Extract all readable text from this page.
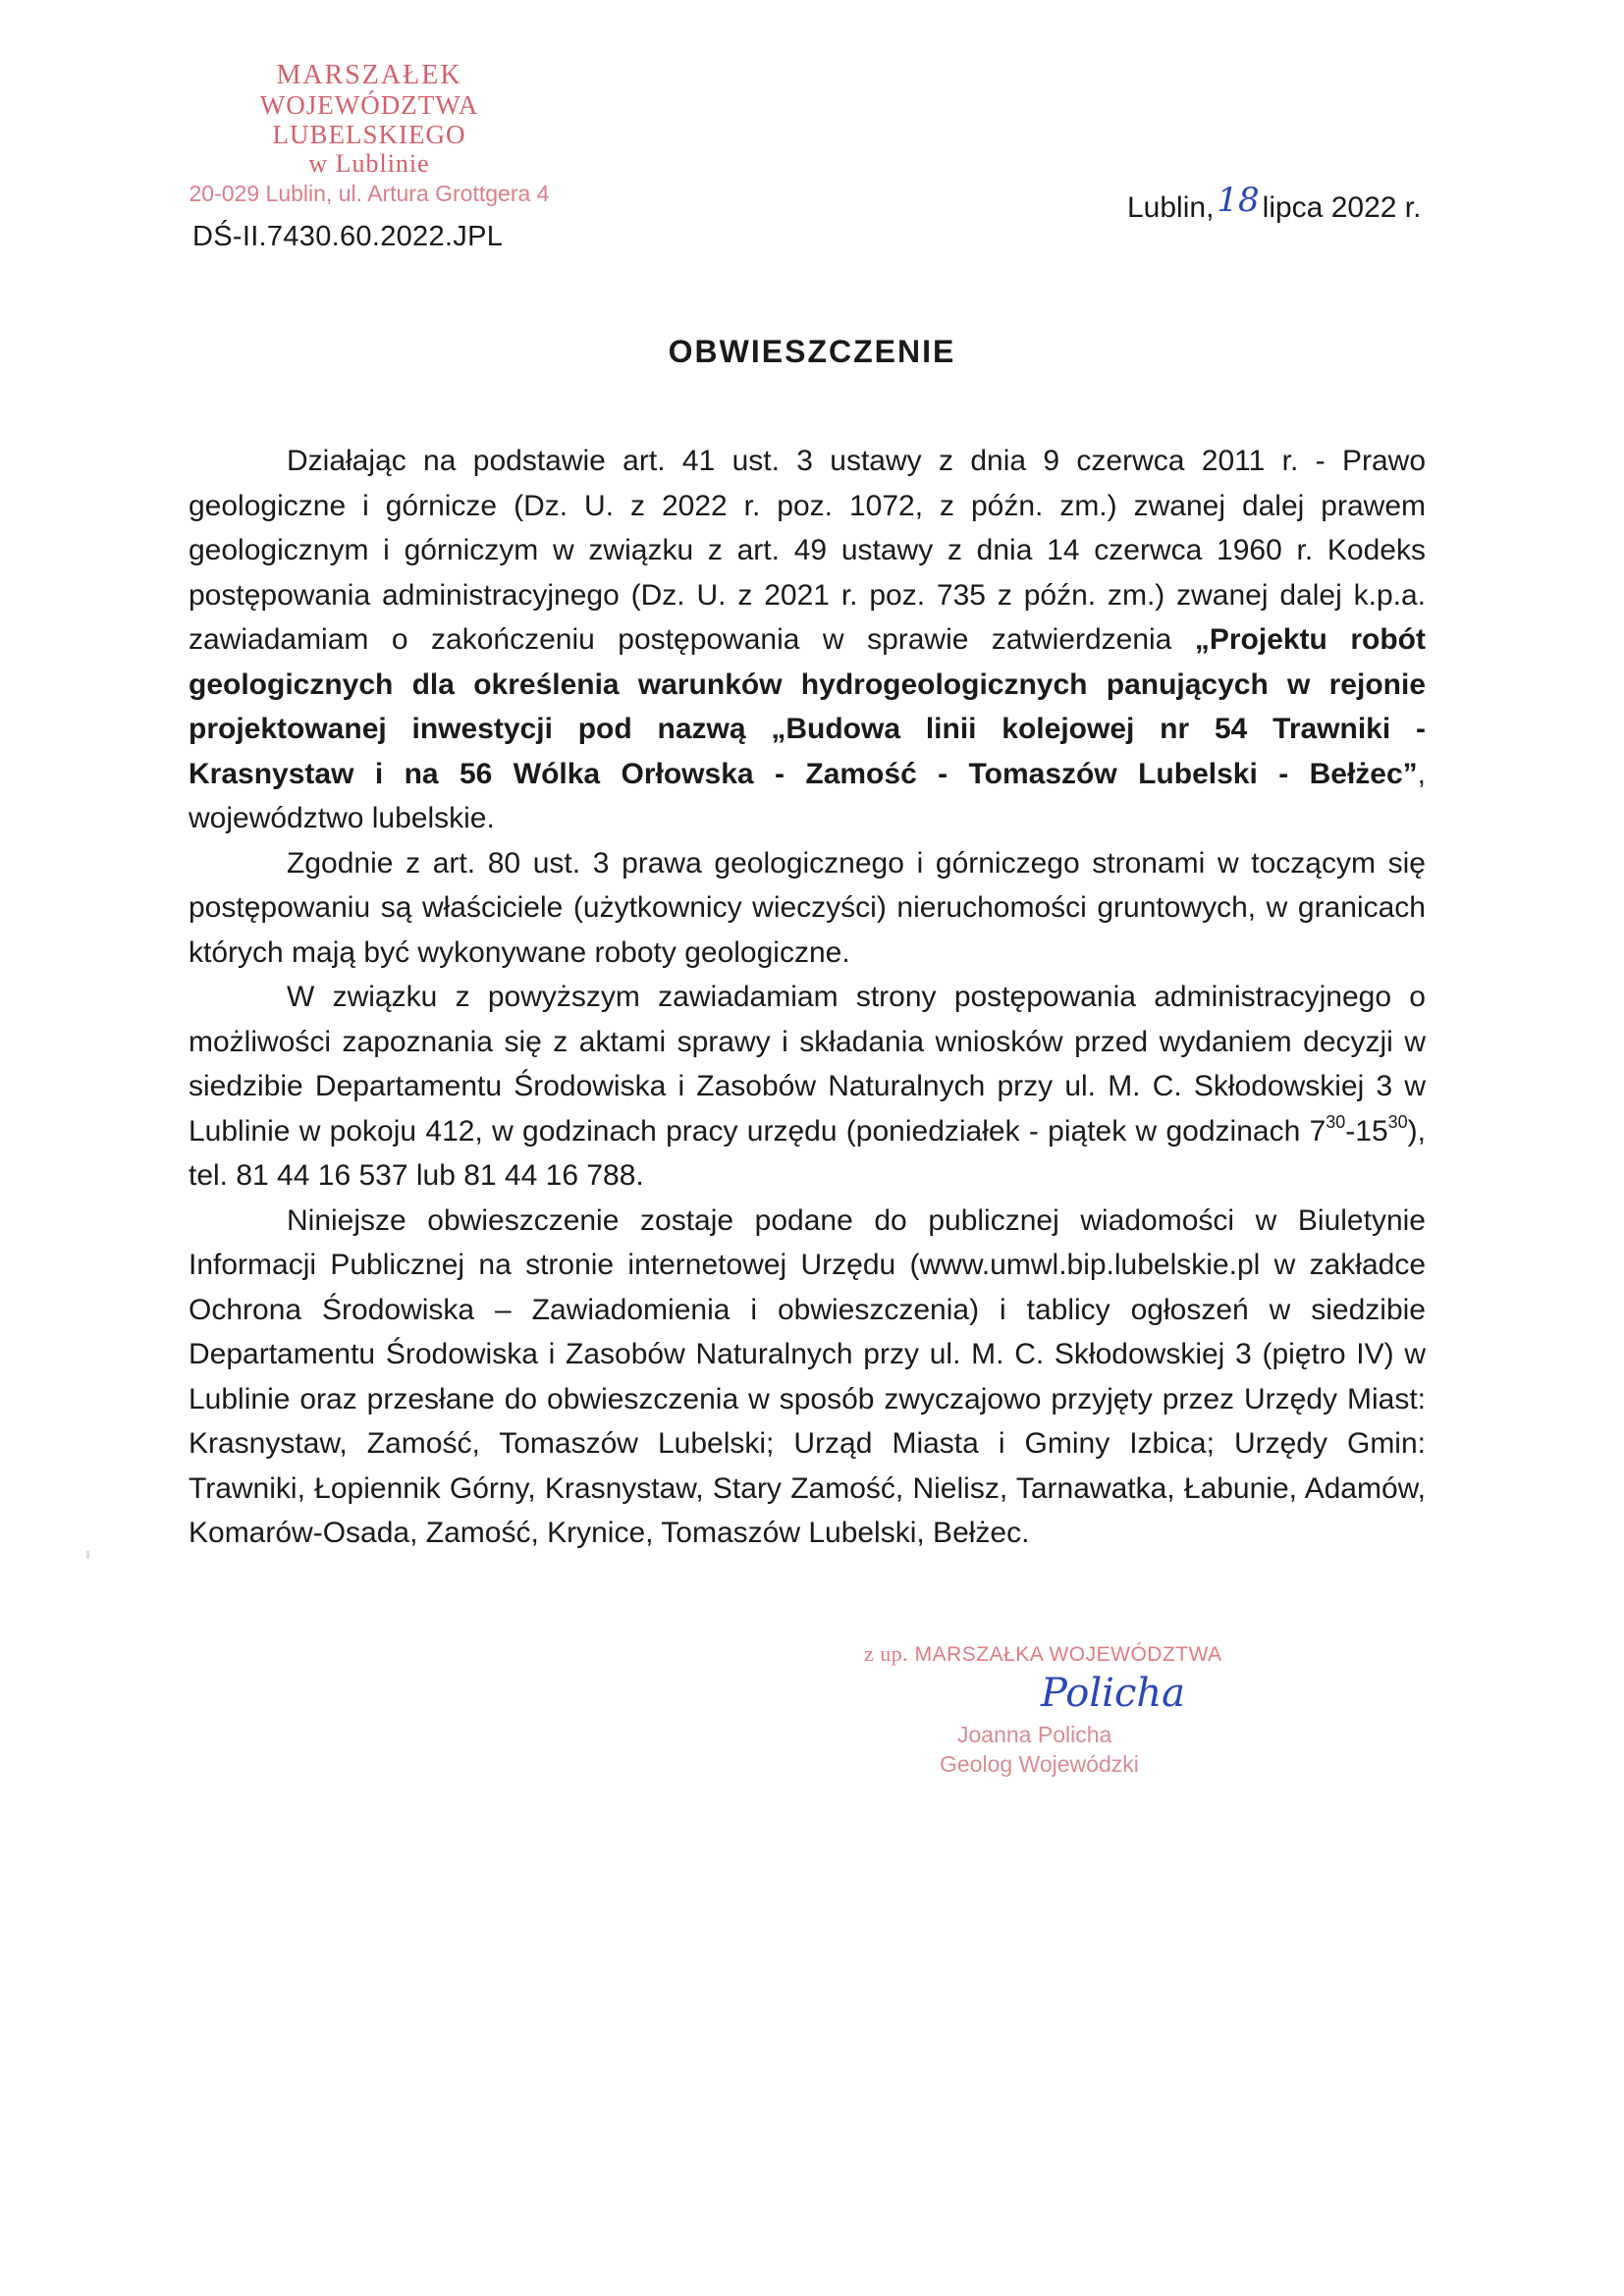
MARSZAŁEK
WOJEWÓDZTWA LUBELSKIEGO
w Lublinie
20-029 Lublin, ul. Artura Grottgera 4
DŚ-II.7430.60.2022.JPL
Lublin,18 lipca 2022 r.
OBWIESZCZENIE

Działając na podstawie art. 41 ust. 3 ustawy z dnia 9 czerwca 2011 r. - Prawo geologiczne i górnicze (Dz. U. z 2022 r. poz. 1072, z późn. zm.) zwanej dalej prawem geologicznym i górniczym w związku z art. 49 ustawy z dnia 14 czerwca 1960 r. Kodeks postępowania administracyjnego (Dz. U. z 2021 r. poz. 735 z późn. zm.) zwanej dalej k.p.a. zawiadamiam o zakończeniu postępowania w sprawie zatwierdzenia „Projektu robót geologicznych dla określenia warunków hydrogeologicznych panujących w rejonie projektowanej inwestycji pod nazwą „Budowa linii kolejowej nr 54 Trawniki - Krasnystaw i na 56 Wólka Orłowska - Zamość - Tomaszów Lubelski - Bełżec”, województwo lubelskie.

Zgodnie z art. 80 ust. 3 prawa geologicznego i górniczego stronami w toczącym się postępowaniu są właściciele (użytkownicy wieczyści) nieruchomości gruntowych, w granicach których mają być wykonywane roboty geologiczne.

W związku z powyższym zawiadamiam strony postępowania administracyjnego o możliwości zapoznania się z aktami sprawy i składania wniosków przed wydaniem decyzji w siedzibie Departamentu Środowiska i Zasobów Naturalnych przy ul. M. C. Skłodowskiej 3 w Lublinie w pokoju 412, w godzinach pracy urzędu (poniedziałek - piątek w godzinach $7^{30}-15^{30}$), tel. 81 44 16 537 lub 81 44 16 788.

Niniejsze obwieszczenie zostaje podane do publicznej wiadomości w Biuletynie Informacji Publicznej na stronie internetowej Urzędu (www.umwl.bip.lubelskie.pl w zakładce Ochrona Środowiska – Zawiadomienia i obwieszczenia) i tablicy ogłoszeń w siedzibie Departamentu Środowiska i Zasobów Naturalnych przy ul. M. C. Skłodowskiej 3 (piętro IV) w Lublinie oraz przesłane do obwieszczenia w sposób zwyczajowo przyjęty przez Urzędy Miast: Krasnystaw, Zamość, Tomaszów Lubelski; Urząd Miasta i Gminy Izbica; Urzędy Gmin: Trawniki, Łopiennik Górny, Krasnystaw, Stary Zamość, Nielisz, Tarnawatka, Łabunie, Adamów, Komarów-Osada, Zamość, Krynice, Tomaszów Lubelski, Bełżec.

z up. MARSZAŁKA WOJEWÓDZTWA
Policha
Joanna Policha
Geolog Wojewódzki
